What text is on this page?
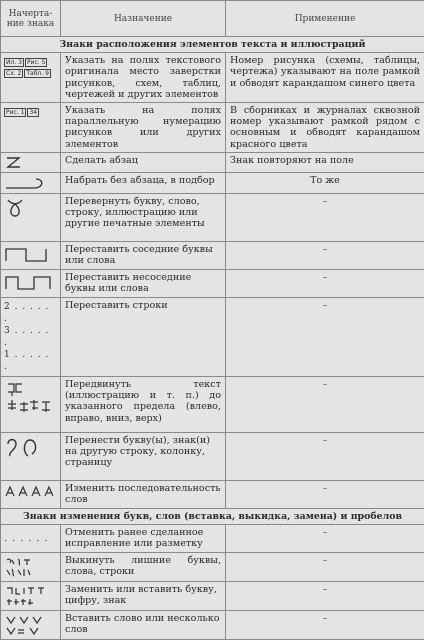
Начерта-
ние знака	Назначение	Применение
Знаки расположения элементов текста и иллюстраций		
Ил. 3 Рис. 5 Сх. 2 Табл. 9	Указать на полях текстового оригинала место заверстки рисунков, схем, таблиц, чертежей и других элементов	Номер рисунка (схемы, таблицы, чертежа) указывают на поле рамкой и обводят карандашом синего цвета
Рис. 1 34	Указать на полях параллельную нумерацию рисунков или других элементов	В сборниках и журналах сквозной номер указывают рамкой рядом с основным и обводят карандашом красного цвета

	Сделать абзац	Знак повторяют на поле

	Набрать без абзаца, в подбор	То же

	Перевернуть букву, слово, строку, иллюстрацию или другие печатные элементы	–

	Переставить соседние буквы или слова	–

	Переставить несоседние буквы или слова	–

2 . . . . . .
3 . . . . . .
1 . . . . . .	Переставить строки	–

	Передвинуть текст (иллюстрацию и т. п.) до указанного предела (влево, вправо, вниз, верх)	–

	Перенести букву(ы), знак(и) на другую строку, колонку, страницу	–

	Изменить последовательность слов	–
Знаки изменения букв, слов (вставка, выкидка, замена) и пробелов		
. . . . . .	Отменить ранее сделанное исправление или разметку	–

	Выкинуть лишние буквы, слова, строки	–

	Заменить или вставить букву, цифру, знак	–

	Вставить слово или несколько слов	–
